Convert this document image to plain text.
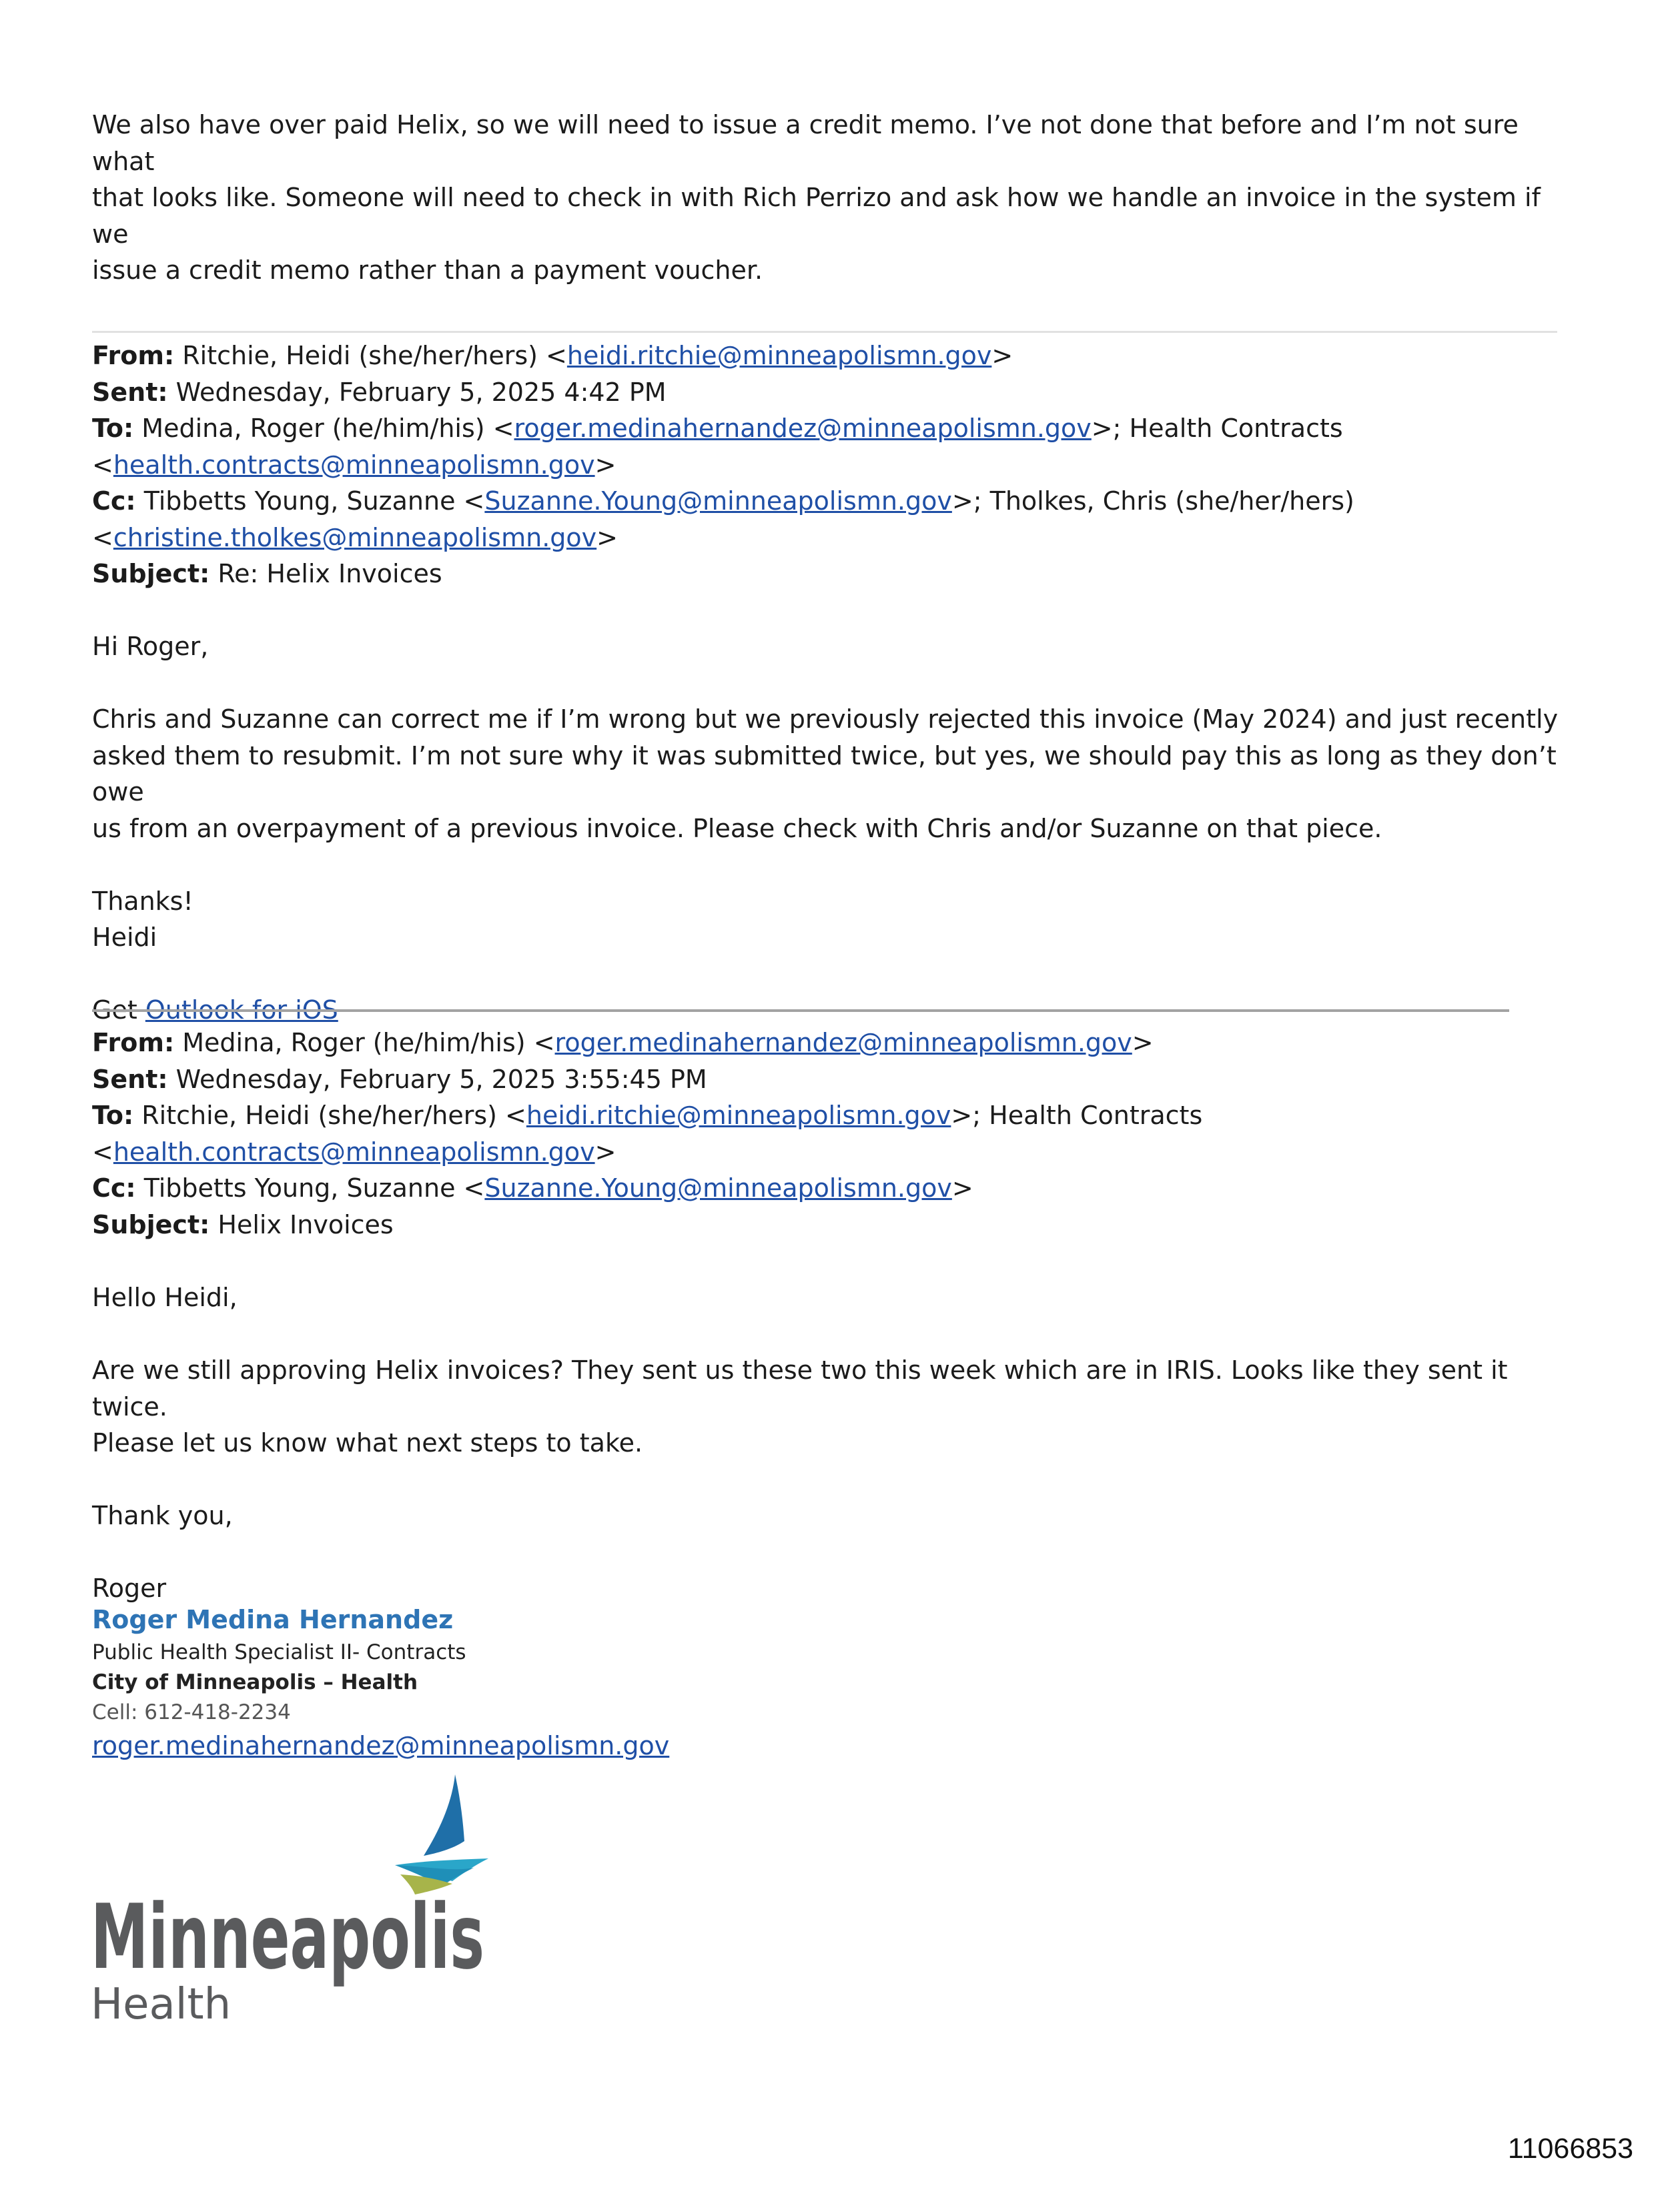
We also have over paid Helix, so we will need to issue a credit memo. I’ve not done that before and I’m not sure what

that looks like. Someone will need to check in with Rich Perrizo and ask how we handle an invoice in the system if we

issue a credit memo rather than a payment voucher.

From: Ritchie, Heidi (she/her/hers) <heidi.ritchie@minneapolismn.gov>

Sent: Wednesday, February 5, 2025 4:42 PM

To: Medina, Roger (he/him/his) <roger.medinahernandez@minneapolismn.gov>; Health Contracts

<health.contracts@minneapolismn.gov>

Cc: Tibbetts Young, Suzanne <Suzanne.Young@minneapolismn.gov>; Tholkes, Chris (she/her/hers)

<christine.tholkes@minneapolismn.gov>

Subject: Re: Helix Invoices

Hi Roger,

Chris and Suzanne can correct me if I’m wrong but we previously rejected this invoice (May 2024) and just recently

asked them to resubmit. I’m not sure why it was submitted twice, but yes, we should pay this as long as they don’t owe

us from an overpayment of a previous invoice. Please check with Chris and/or Suzanne on that piece.

Thanks!

Heidi

Get Outlook for iOS

From: Medina, Roger (he/him/his) <roger.medinahernandez@minneapolismn.gov>

Sent: Wednesday, February 5, 2025 3:55:45 PM

To: Ritchie, Heidi (she/her/hers) <heidi.ritchie@minneapolismn.gov>; Health Contracts

<health.contracts@minneapolismn.gov>

Cc: Tibbetts Young, Suzanne <Suzanne.Young@minneapolismn.gov>

Subject: Helix Invoices

Hello Heidi,

Are we still approving Helix invoices? They sent us these two this week which are in IRIS. Looks like they sent it twice.

Please let us know what next steps to take.

Thank you,

Roger

Roger Medina Hernandez

Public Health Specialist II- Contracts

City of Minneapolis – Health

Cell: 612-418-2234

roger.medinahernandez@minneapolismn.gov

Minneapolis
Health
11066853
